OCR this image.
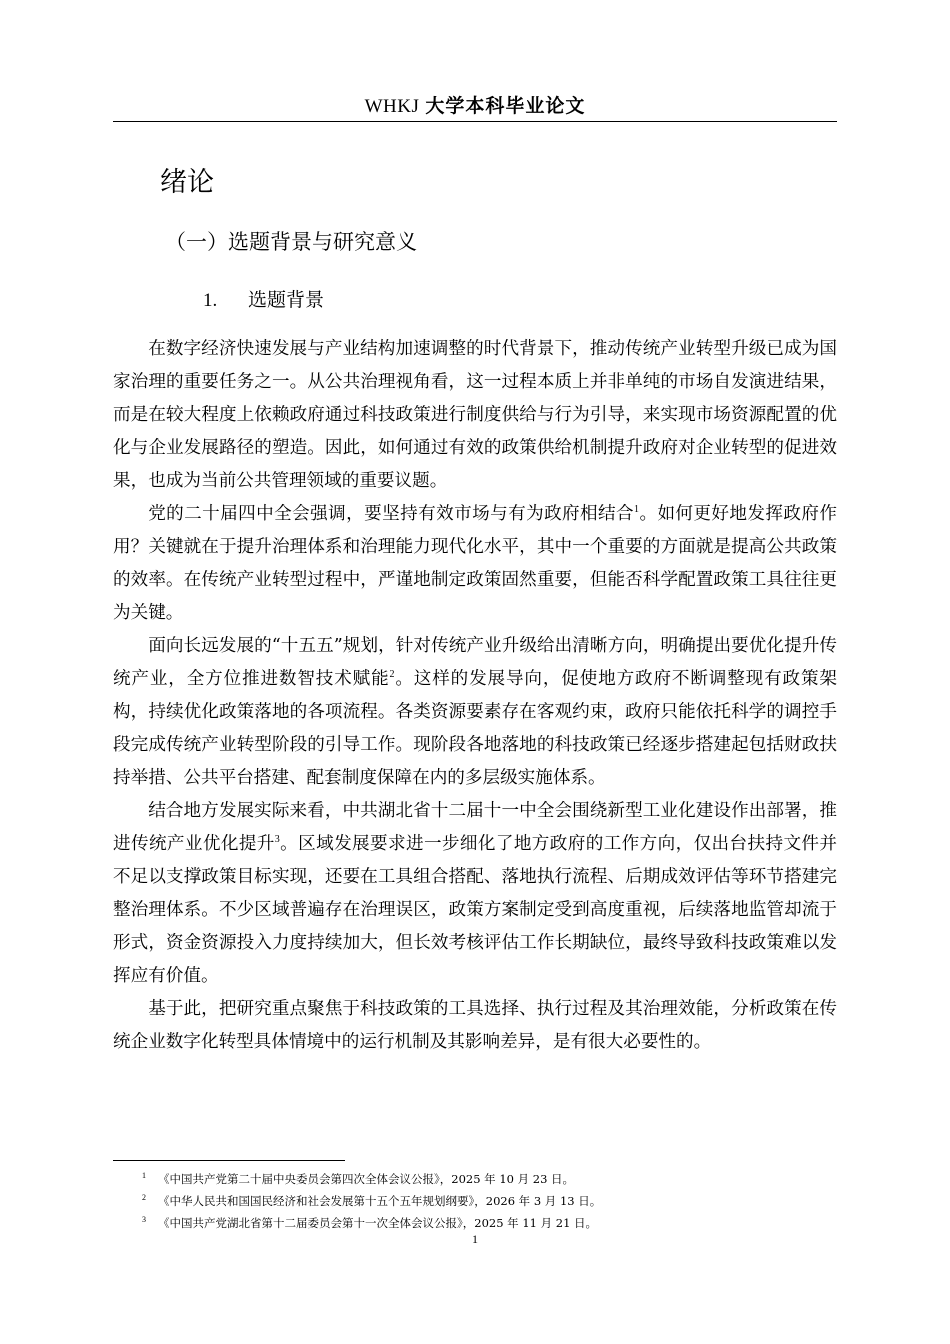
WHKJ 大学本科毕业论文
绪论
（一）选题背景与研究意义
1. 选题背景

在数字经济快速发展与产业结构加速调整的时代背景下，推动传统产业转型升级已成为国家治理的重要任务之一。从公共治理视角看，这一过程本质上并非单纯的市场自发演进结果，而是在较大程度上依赖政府通过科技政策进行制度供给与行为引导，来实现市场资源配置的优化与企业发展路径的塑造。因此，如何通过有效的政策供给机制提升政府对企业转型的促进效果，也成为当前公共管理领域的重要议题。

党的二十届四中全会强调，要坚持有效市场与有为政府相结合$^1$。如何更好地发挥政府作用？关键就在于提升治理体系和治理能力现代化水平，其中一个重要的方面就是提高公共政策的效率。在传统产业转型过程中，严谨地制定政策固然重要，但能否科学配置政策工具往往更为关键。

面向长远发展的“十五五”规划，针对传统产业升级给出清晰方向，明确提出要优化提升传统产业，全方位推进数智技术赋能$^2$。这样的发展导向，促使地方政府不断调整现有政策架构，持续优化政策落地的各项流程。各类资源要素存在客观约束，政府只能依托科学的调控手段完成传统产业转型阶段的引导工作。现阶段各地落地的科技政策已经逐步搭建起包括财政扶持举措、公共平台搭建、配套制度保障在内的多层级实施体系。

结合地方发展实际来看，中共湖北省十二届十一中全会围绕新型工业化建设作出部署，推进传统产业优化提升$^3$。区域发展要求进一步细化了地方政府的工作方向，仅出台扶持文件并不足以支撑政策目标实现，还要在工具组合搭配、落地执行流程、后期成效评估等环节搭建完整治理体系。不少区域普遍存在治理误区，政策方案制定受到高度重视，后续落地监管却流于形式，资金资源投入力度持续加大，但长效考核评估工作长期缺位，最终导致科技政策难以发挥应有价值。

基于此，把研究重点聚焦于科技政策的工具选择、执行过程及其治理效能，分析政策在传统企业数字化转型具体情境中的运行机制及其影响差异，是有很大必要性的。

1 《中国共产党第二十届中央委员会第四次全体会议公报》，2025 年 10 月 23 日。
2 《中华人民共和国国民经济和社会发展第十五个五年规划纲要》，2026 年 3 月 13 日。
3 《中国共产党湖北省第十二届委员会第十一次全体会议公报》，2025 年 11 月 21 日。
1
